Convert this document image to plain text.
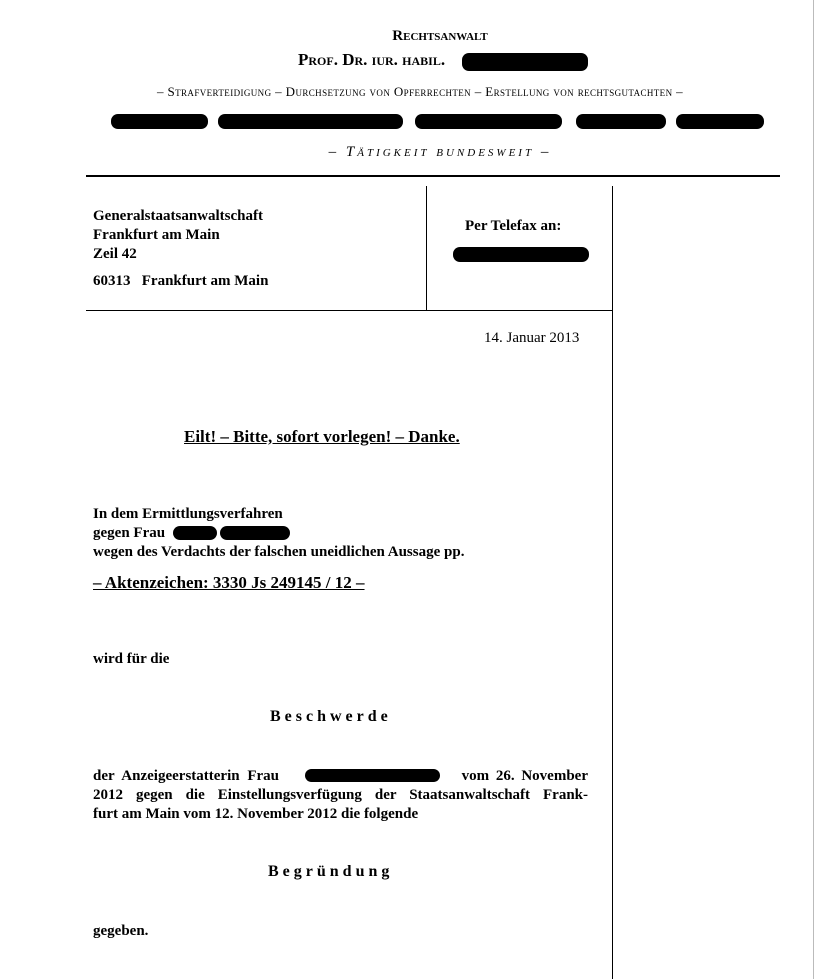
Rechtsanwalt
Prof. Dr. iur. habil.
– Strafverteidigung – Durchsetzung von Opferrechten – Erstellung von rechtsgutachten –
– Tätigkeit bundesweit –
Generalstaatsanwaltschaft
Frankfurt am Main
Zeil 42
60313   Frankfurt am Main
Per Telefax an:
14. Januar 2013
Eilt! – Bitte, sofort vorlegen! – Danke.
In dem Ermittlungsverfahren
gegen Frau
wegen des Verdachts der falschen uneidlichen Aussage pp.
– Aktenzeichen: 3330 Js 249145 / 12 –
wird für die
Beschwerde
der Anzeigeerstatterin Frau	vom 26. November
2012 gegen die Einstellungsverfügung der Staatsanwaltschaft Frank-
furt am Main vom 12. November 2012 die folgende
Begründung
gegeben.
